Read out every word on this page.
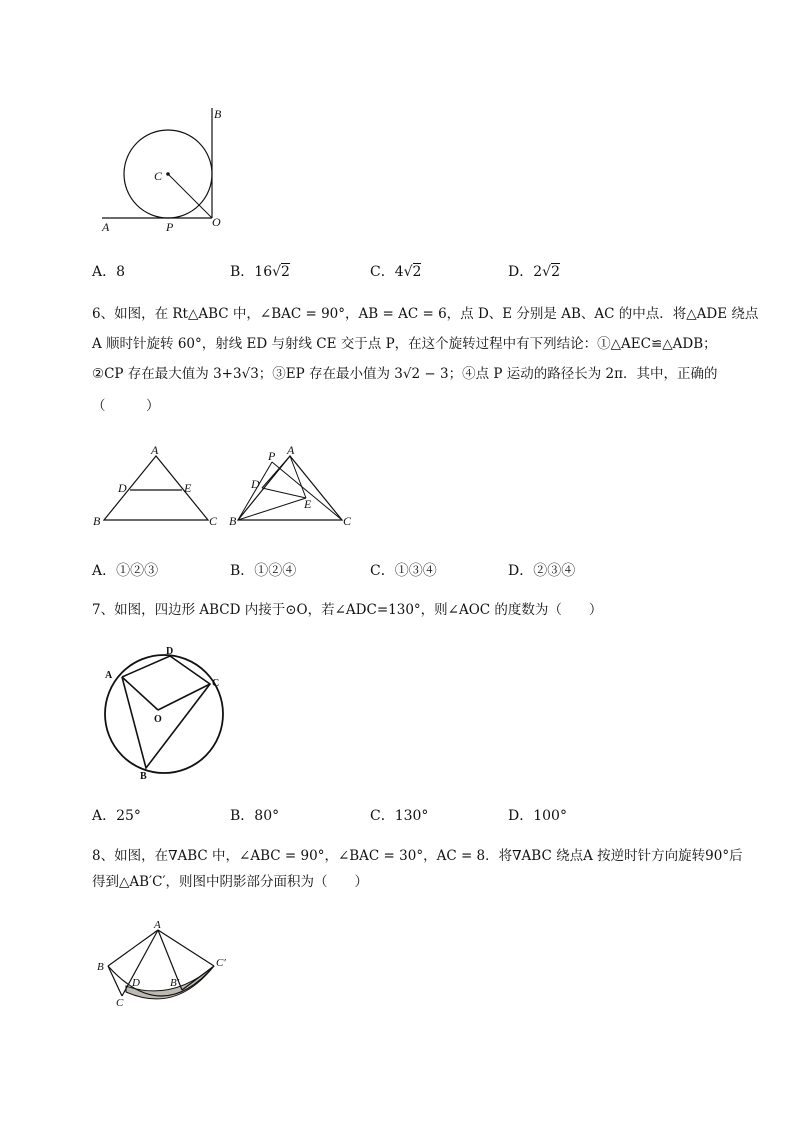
B
C
O
A	P
A．8	B．16√2	C．4√2	D．2√2
6、如图，在 Rt△ABC 中，∠BAC = 90°，AB = AC = 6，点 D、E 分别是 AB、AC 的中点．将△ADE 绕点
A 顺时针旋转 60°，射线 ED 与射线 CE 交于点 P，在这个旋转过程中有下列结论：①△AEC≌△ADB；
②CP 存在最大值为 3+3√3；③EP 存在最小值为 3√2 − 3；④点 P 运动的路径长为 2π．其中，正确的
（　　　）
A
D	E
B	C
P A
D
E
B	C
A．①②③	B．①②④	C．①③④	D．②③④
7、如图，四边形 ABCD 内接于⊙O，若∠ADC=130°，则∠AOC 的度数为（　　）
A
D
C
O
B
A．25°	B．80°	C．130°	D．100°
8、如图，在∇ABC 中，∠ABC = 90°，∠BAC = 30°，AC = 8．将∇ABC 绕点A 按逆时针方向旋转90°后
得到△AB′C′，则图中阴影部分面积为（　　）
A
B
C
D	B′
C′
